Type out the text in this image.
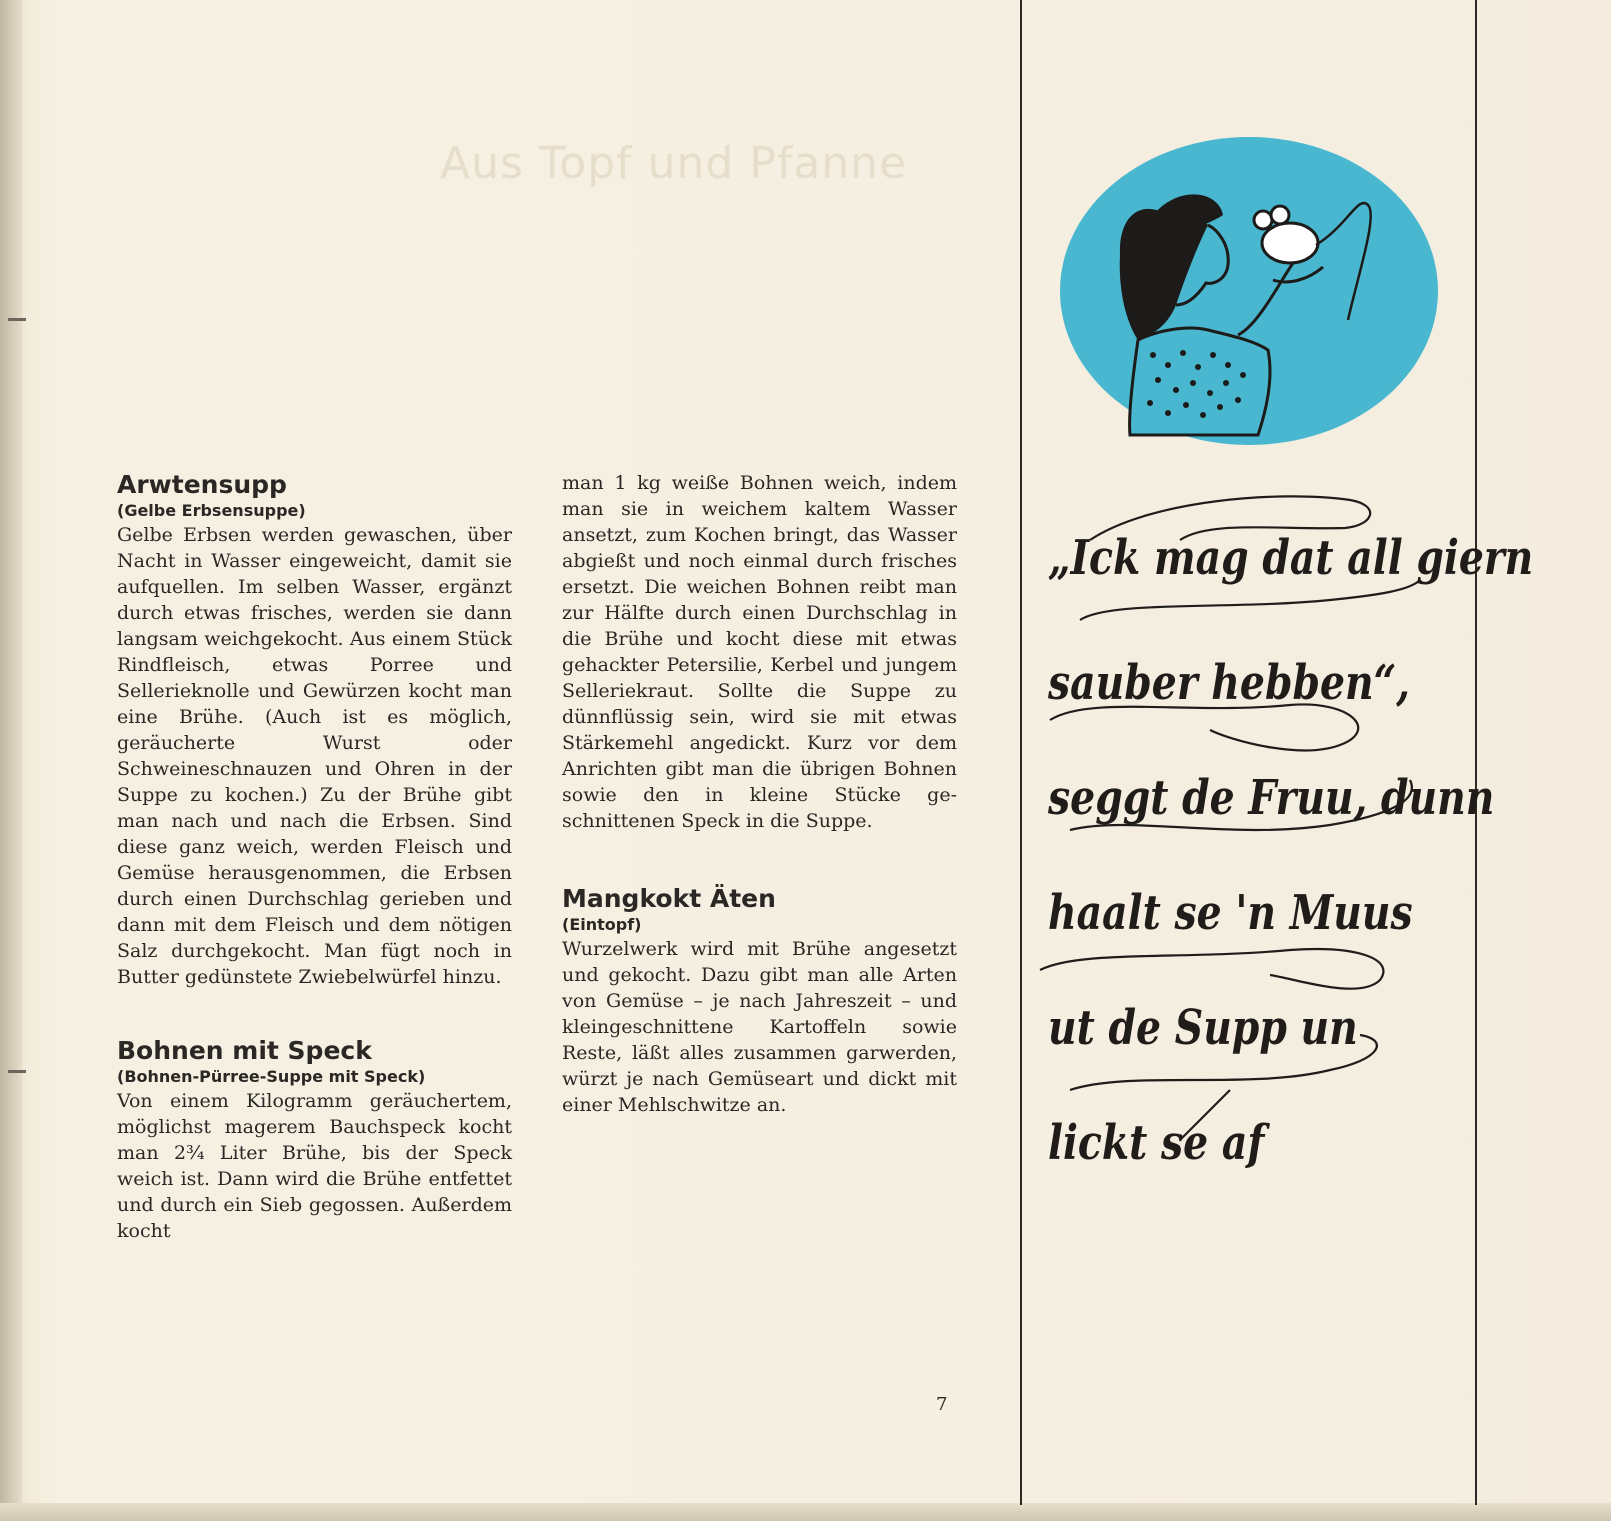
Aus Topf und Pfanne
Arwtensupp
(Gelbe Erbsensuppe)

Gelbe Erbsen werden gewaschen, über Nacht in Wasser eingeweicht, damit sie aufquellen. Im selben Wasser, ergänzt durch etwas frisches, werden sie dann langsam weichgekocht. Aus einem Stück Rindfleisch, etwas Porree und Sellerieknolle und Gewürzen kocht man eine Brühe. (Auch ist es möglich, geräucherte Wurst oder Schweineschnauzen und Ohren in der Suppe zu kochen.) Zu der Brühe gibt man nach und nach die Erbsen. Sind diese ganz weich, werden Fleisch und Gemüse herausgenommen, die Erbsen durch einen Durchschlag gerieben und dann mit dem Fleisch und dem nötigen Salz durchgekocht. Man fügt noch in Butter gedünstete Zwiebelwürfel hinzu.

Bohnen mit Speck
(Bohnen-Pürree-Suppe mit Speck)

Von einem Kilogramm geräuchertem, möglichst magerem Bauchspeck kocht man 2¾ Liter Brühe, bis der Speck weich ist. Dann wird die Brühe entfettet und durch ein Sieb gegossen. Außerdem kocht

man 1 kg weiße Bohnen weich, indem man sie in weichem kaltem Wasser ansetzt, zum Kochen bringt, das Wasser abgießt und noch einmal durch frisches ersetzt. Die weichen Bohnen reibt man zur Hälfte durch einen Durchschlag in die Brühe und kocht diese mit etwas gehackter Petersilie, Kerbel und jungem Selleriekraut. Sollte die Suppe zu dünnflüssig sein, wird sie mit etwas Stärkemehl angedickt. Kurz vor dem Anrichten gibt man die übrigen Bohnen sowie den in kleine Stücke geschnittenen Speck in die Suppe.

Mangkokt Äten
(Eintopf)

Wurzelwerk wird mit Brühe angesetzt und gekocht. Dazu gibt man alle Arten von Gemüse – je nach Jahreszeit – und kleingeschnittene Kartoffeln sowie Reste, läßt alles zusammen garwerden, würzt je nach Gemüseart und dickt mit einer Mehlschwitze an.

7
„Ick mag dat all giern
sauber hebben“,
seggt de Fruu, dunn
haalt se 'n Muus
ut de Supp un
lickt se af
